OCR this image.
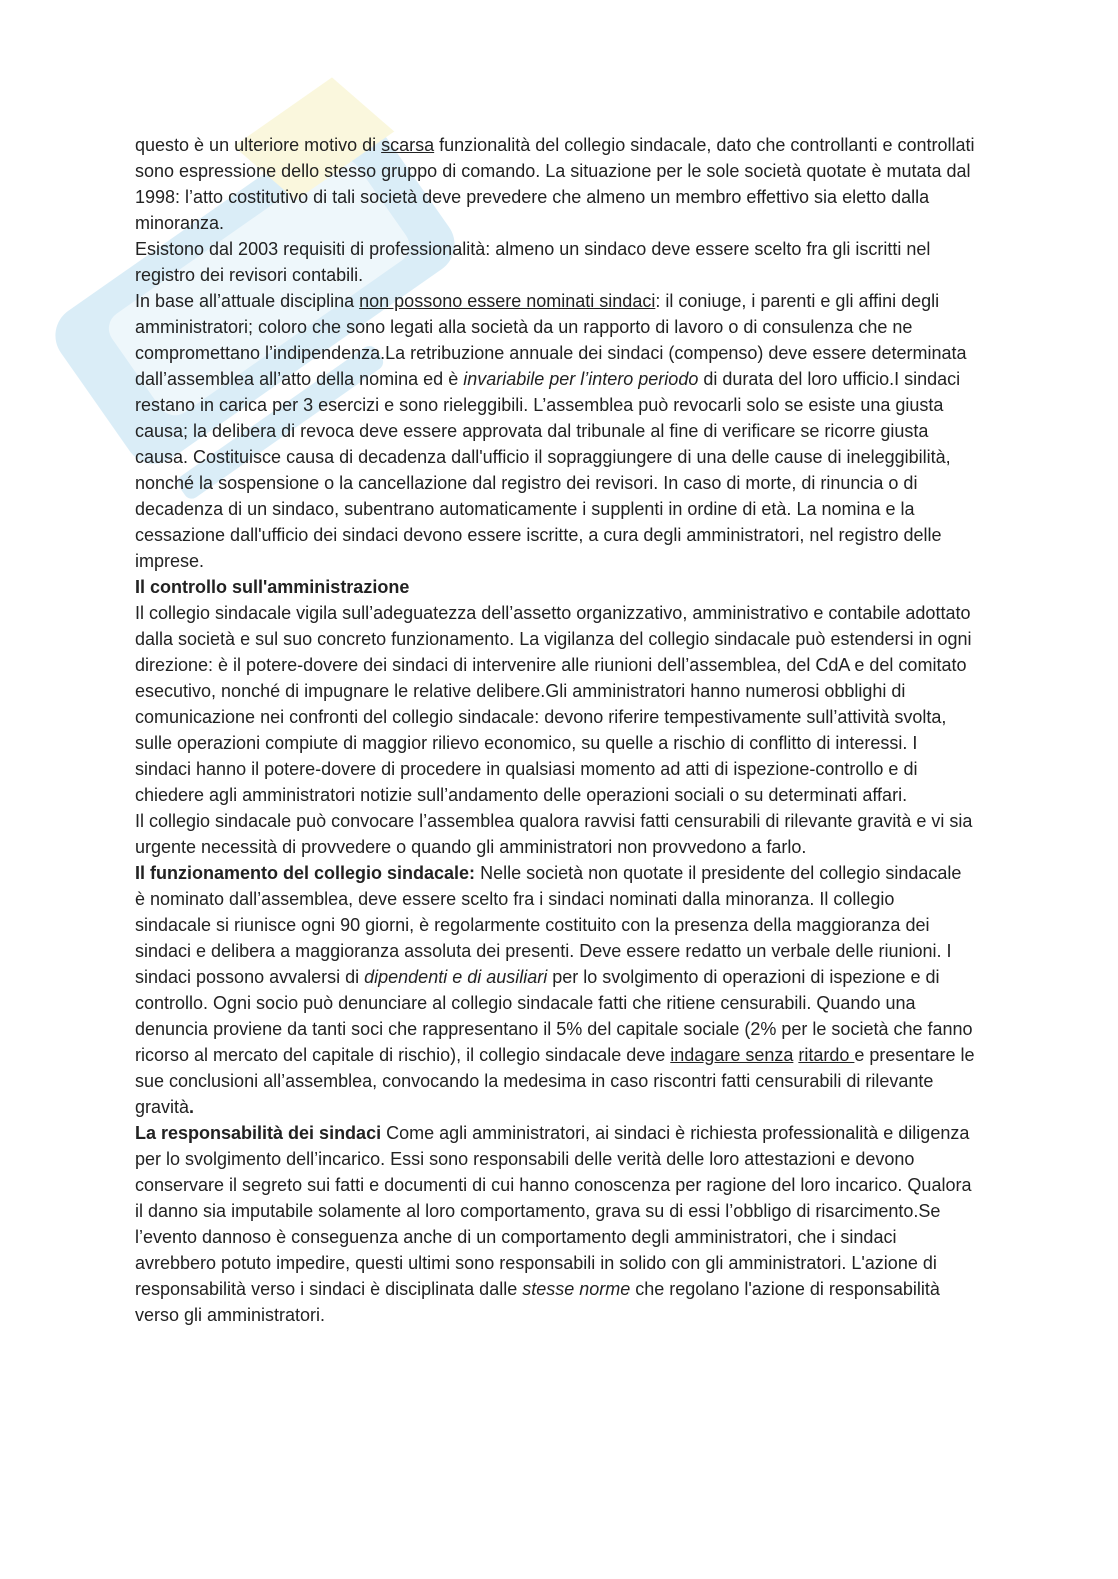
questo è un ulteriore motivo di scarsa funzionalità del collegio sindacale, dato che controllanti e controllati sono espressione dello stesso gruppo di comando. La situazione per le sole società quotate è mutata dal 1998: l’atto costitutivo di tali società deve prevedere che almeno un membro effettivo sia eletto dalla minoranza.

Esistono dal 2003 requisiti di professionalità: almeno un sindaco deve essere scelto fra gli iscritti nel registro dei revisori contabili.

In base all’attuale disciplina non possono essere nominati sindaci: il coniuge, i parenti e gli affini degli amministratori; coloro che sono legati alla società da un rapporto di lavoro o di consulenza che ne compromettano l’indipendenza.La retribuzione annuale dei sindaci (compenso) deve essere determinata dall’assemblea all’atto della nomina ed è invariabile per l’intero periodo di durata del loro ufficio.I sindaci restano in carica per 3 esercizi e sono rieleggibili. L’assemblea può revocarli solo se esiste una giusta causa; la delibera di revoca deve essere approvata dal tribunale al fine di verificare se ricorre giusta causa. Costituisce causa di decadenza dall'ufficio il sopraggiungere di una delle cause di ineleggibilità, nonché la sospensione o la cancellazione dal registro dei revisori. In caso di morte, di rinuncia o di decadenza di un sindaco, subentrano automaticamente i supplenti in ordine di età. La nomina e la cessazione dall'ufficio dei sindaci devono essere iscritte, a cura degli amministratori, nel registro delle imprese.

Il controllo sull'amministrazione

Il collegio sindacale vigila sull’adeguatezza dell’assetto organizzativo, amministrativo e contabile adottato dalla società e sul suo concreto funzionamento. La vigilanza del collegio sindacale può estendersi in ogni direzione: è il potere-dovere dei sindaci di intervenire alle riunioni dell’assemblea, del CdA e del comitato esecutivo, nonché di impugnare le relative delibere.Gli amministratori hanno numerosi obblighi di comunicazione nei confronti del collegio sindacale: devono riferire tempestivamente sull’attività svolta, sulle operazioni compiute di maggior rilievo economico, su quelle a rischio di conflitto di interessi. I sindaci hanno il potere-dovere di procedere in qualsiasi momento ad atti di ispezione-controllo e di chiedere agli amministratori notizie sull’andamento delle operazioni sociali o su determinati affari.

Il collegio sindacale può convocare l’assemblea qualora ravvisi fatti censurabili di rilevante gravità e vi sia urgente necessità di provvedere o quando gli amministratori non provvedono a farlo.

Il funzionamento del collegio sindacale: Nelle società non quotate il presidente del collegio sindacale è nominato dall’assemblea, deve essere scelto fra i sindaci nominati dalla minoranza. Il collegio sindacale si riunisce ogni 90 giorni, è regolarmente costituito con la presenza della maggioranza dei sindaci e delibera a maggioranza assoluta dei presenti. Deve essere redatto un verbale delle riunioni. I sindaci possono avvalersi di dipendenti e di ausiliari per lo svolgimento di operazioni di ispezione e di controllo. Ogni socio può denunciare al collegio sindacale fatti che ritiene censurabili. Quando una denuncia proviene da tanti soci che rappresentano il 5% del capitale sociale (2% per le società che fanno ricorso al mercato del capitale di rischio), il collegio sindacale deve indagare senza ritardo e presentare le sue conclusioni all’assemblea, convocando la medesima in caso riscontri fatti censurabili di rilevante gravità.

La responsabilità dei sindaci Come agli amministratori, ai sindaci è richiesta professionalità e diligenza per lo svolgimento dell’incarico. Essi sono responsabili delle verità delle loro attestazioni e devono conservare il segreto sui fatti e documenti di cui hanno conoscenza per ragione del loro incarico. Qualora il danno sia imputabile solamente al loro comportamento, grava su di essi l’obbligo di risarcimento.Se l’evento dannoso è conseguenza anche di un comportamento degli amministratori, che i sindaci avrebbero potuto impedire, questi ultimi sono responsabili in solido con gli amministratori. L'azione di responsabilità verso i sindaci è disciplinata dalle stesse norme che regolano l'azione di responsabilità verso gli amministratori.
